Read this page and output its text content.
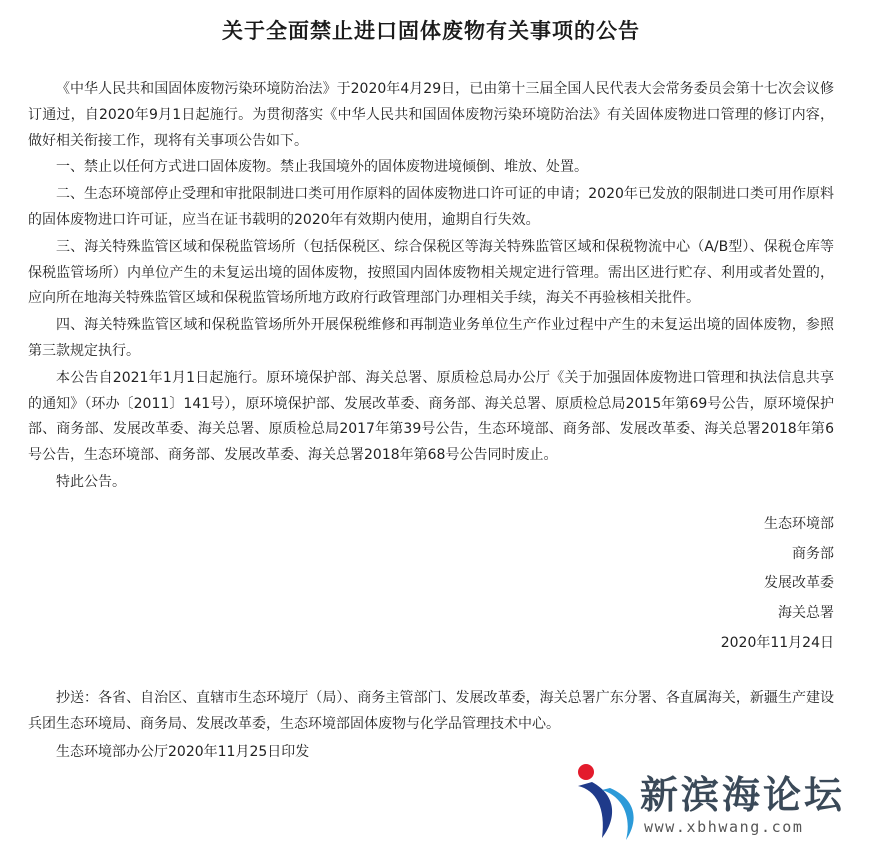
关于全面禁止进口固体废物有关事项的公告

《中华人民共和国固体废物污染环境防治法》于2020年4月29日，已由第十三届全国人民代表大会常务委员会第十七次会议修订通过，自2020年9月1日起施行。为贯彻落实《中华人民共和国固体废物污染环境防治法》有关固体废物进口管理的修订内容，做好相关衔接工作，现将有关事项公告如下。

一、禁止以任何方式进口固体废物。禁止我国境外的固体废物进境倾倒、堆放、处置。

二、生态环境部停止受理和审批限制进口类可用作原料的固体废物进口许可证的申请；2020年已发放的限制进口类可用作原料的固体废物进口许可证，应当在证书载明的2020年有效期内使用，逾期自行失效。

三、海关特殊监管区域和保税监管场所（包括保税区、综合保税区等海关特殊监管区域和保税物流中心（A/B型）、保税仓库等保税监管场所）内单位产生的未复运出境的固体废物，按照国内固体废物相关规定进行管理。需出区进行贮存、利用或者处置的，应向所在地海关特殊监管区域和保税监管场所地方政府行政管理部门办理相关手续，海关不再验核相关批件。

四、海关特殊监管区域和保税监管场所外开展保税维修和再制造业务单位生产作业过程中产生的未复运出境的固体废物，参照第三款规定执行。

本公告自2021年1月1日起施行。原环境保护部、海关总署、原质检总局办公厅《关于加强固体废物进口管理和执法信息共享的通知》（环办〔2011〕141号），原环境保护部、发展改革委、商务部、海关总署、原质检总局2015年第69号公告，原环境保护部、商务部、发展改革委、海关总署、原质检总局2017年第39号公告，生态环境部、商务部、发展改革委、海关总署2018年第6号公告，生态环境部、商务部、发展改革委、海关总署2018年第68号公告同时废止。

特此公告。

生态环境部
商务部
发展改革委
海关总署
2020年11月24日

抄送：各省、自治区、直辖市生态环境厅（局）、商务主管部门、发展改革委，海关总署广东分署、各直属海关，新疆生产建设兵团生态环境局、商务局、发展改革委，生态环境部固体废物与化学品管理技术中心。

生态环境部办公厅2020年11月25日印发

新滨海论坛
www.xbhwang.com
